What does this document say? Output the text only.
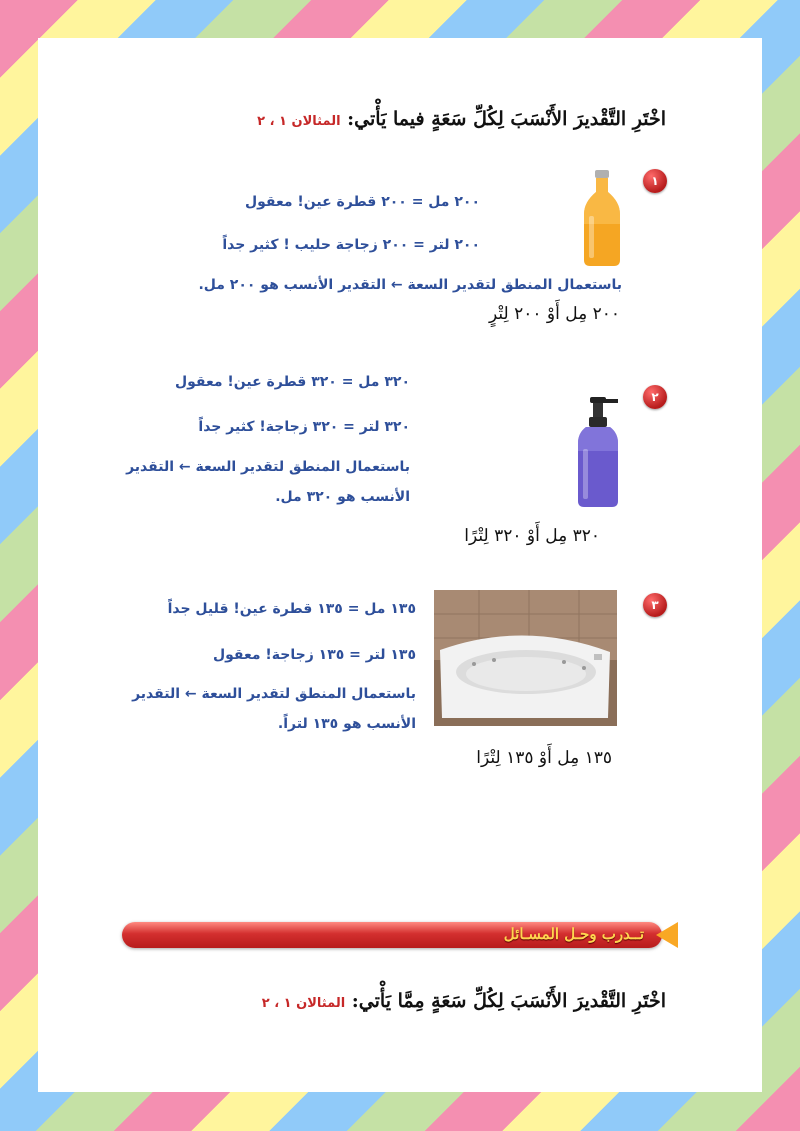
اخْتَرِ التَّقْديرَ الأَنْسَبَ لِكُلِّ سَعَةٍ فيما يَأْتي: المثالان ١ ، ٢
١
٢٠٠ مل = ٢٠٠ قطرة عين! معقول
٢٠٠ لتر = ٢٠٠ زجاجة حليب ! كثير جداً
باستعمال المنطق لتقدير السعة ← التقدير الأنسب هو ٢٠٠ مل.
٢٠٠ مِل أَوْ ٢٠٠ لِتْرٍ
٢
٣٢٠ مل = ٣٢٠ قطرة عين! معقول
٣٢٠ لتر = ٣٢٠ زجاجة! كثير جداً
باستعمال المنطق لتقدير السعة ← التقدير الأنسب هو ٣٢٠ مل.
٣٢٠ مِل أَوْ ٣٢٠ لِتْرًا
٣
١٣٥ مل = ١٣٥ قطرة عين! قليل جداً
١٣٥ لتر = ١٣٥ زجاجة! معقول
باستعمال المنطق لتقدير السعة ← التقدير الأنسب هو ١٣٥ لتراً.
١٣٥ مِل أَوْ ١٣٥ لِتْرًا
تــدرب وحـل المسـائل
اخْتَرِ التَّقْديرَ الأَنْسَبَ لِكُلِّ سَعَةٍ مِمَّا يَأْتي: المثالان ١ ، ٢
